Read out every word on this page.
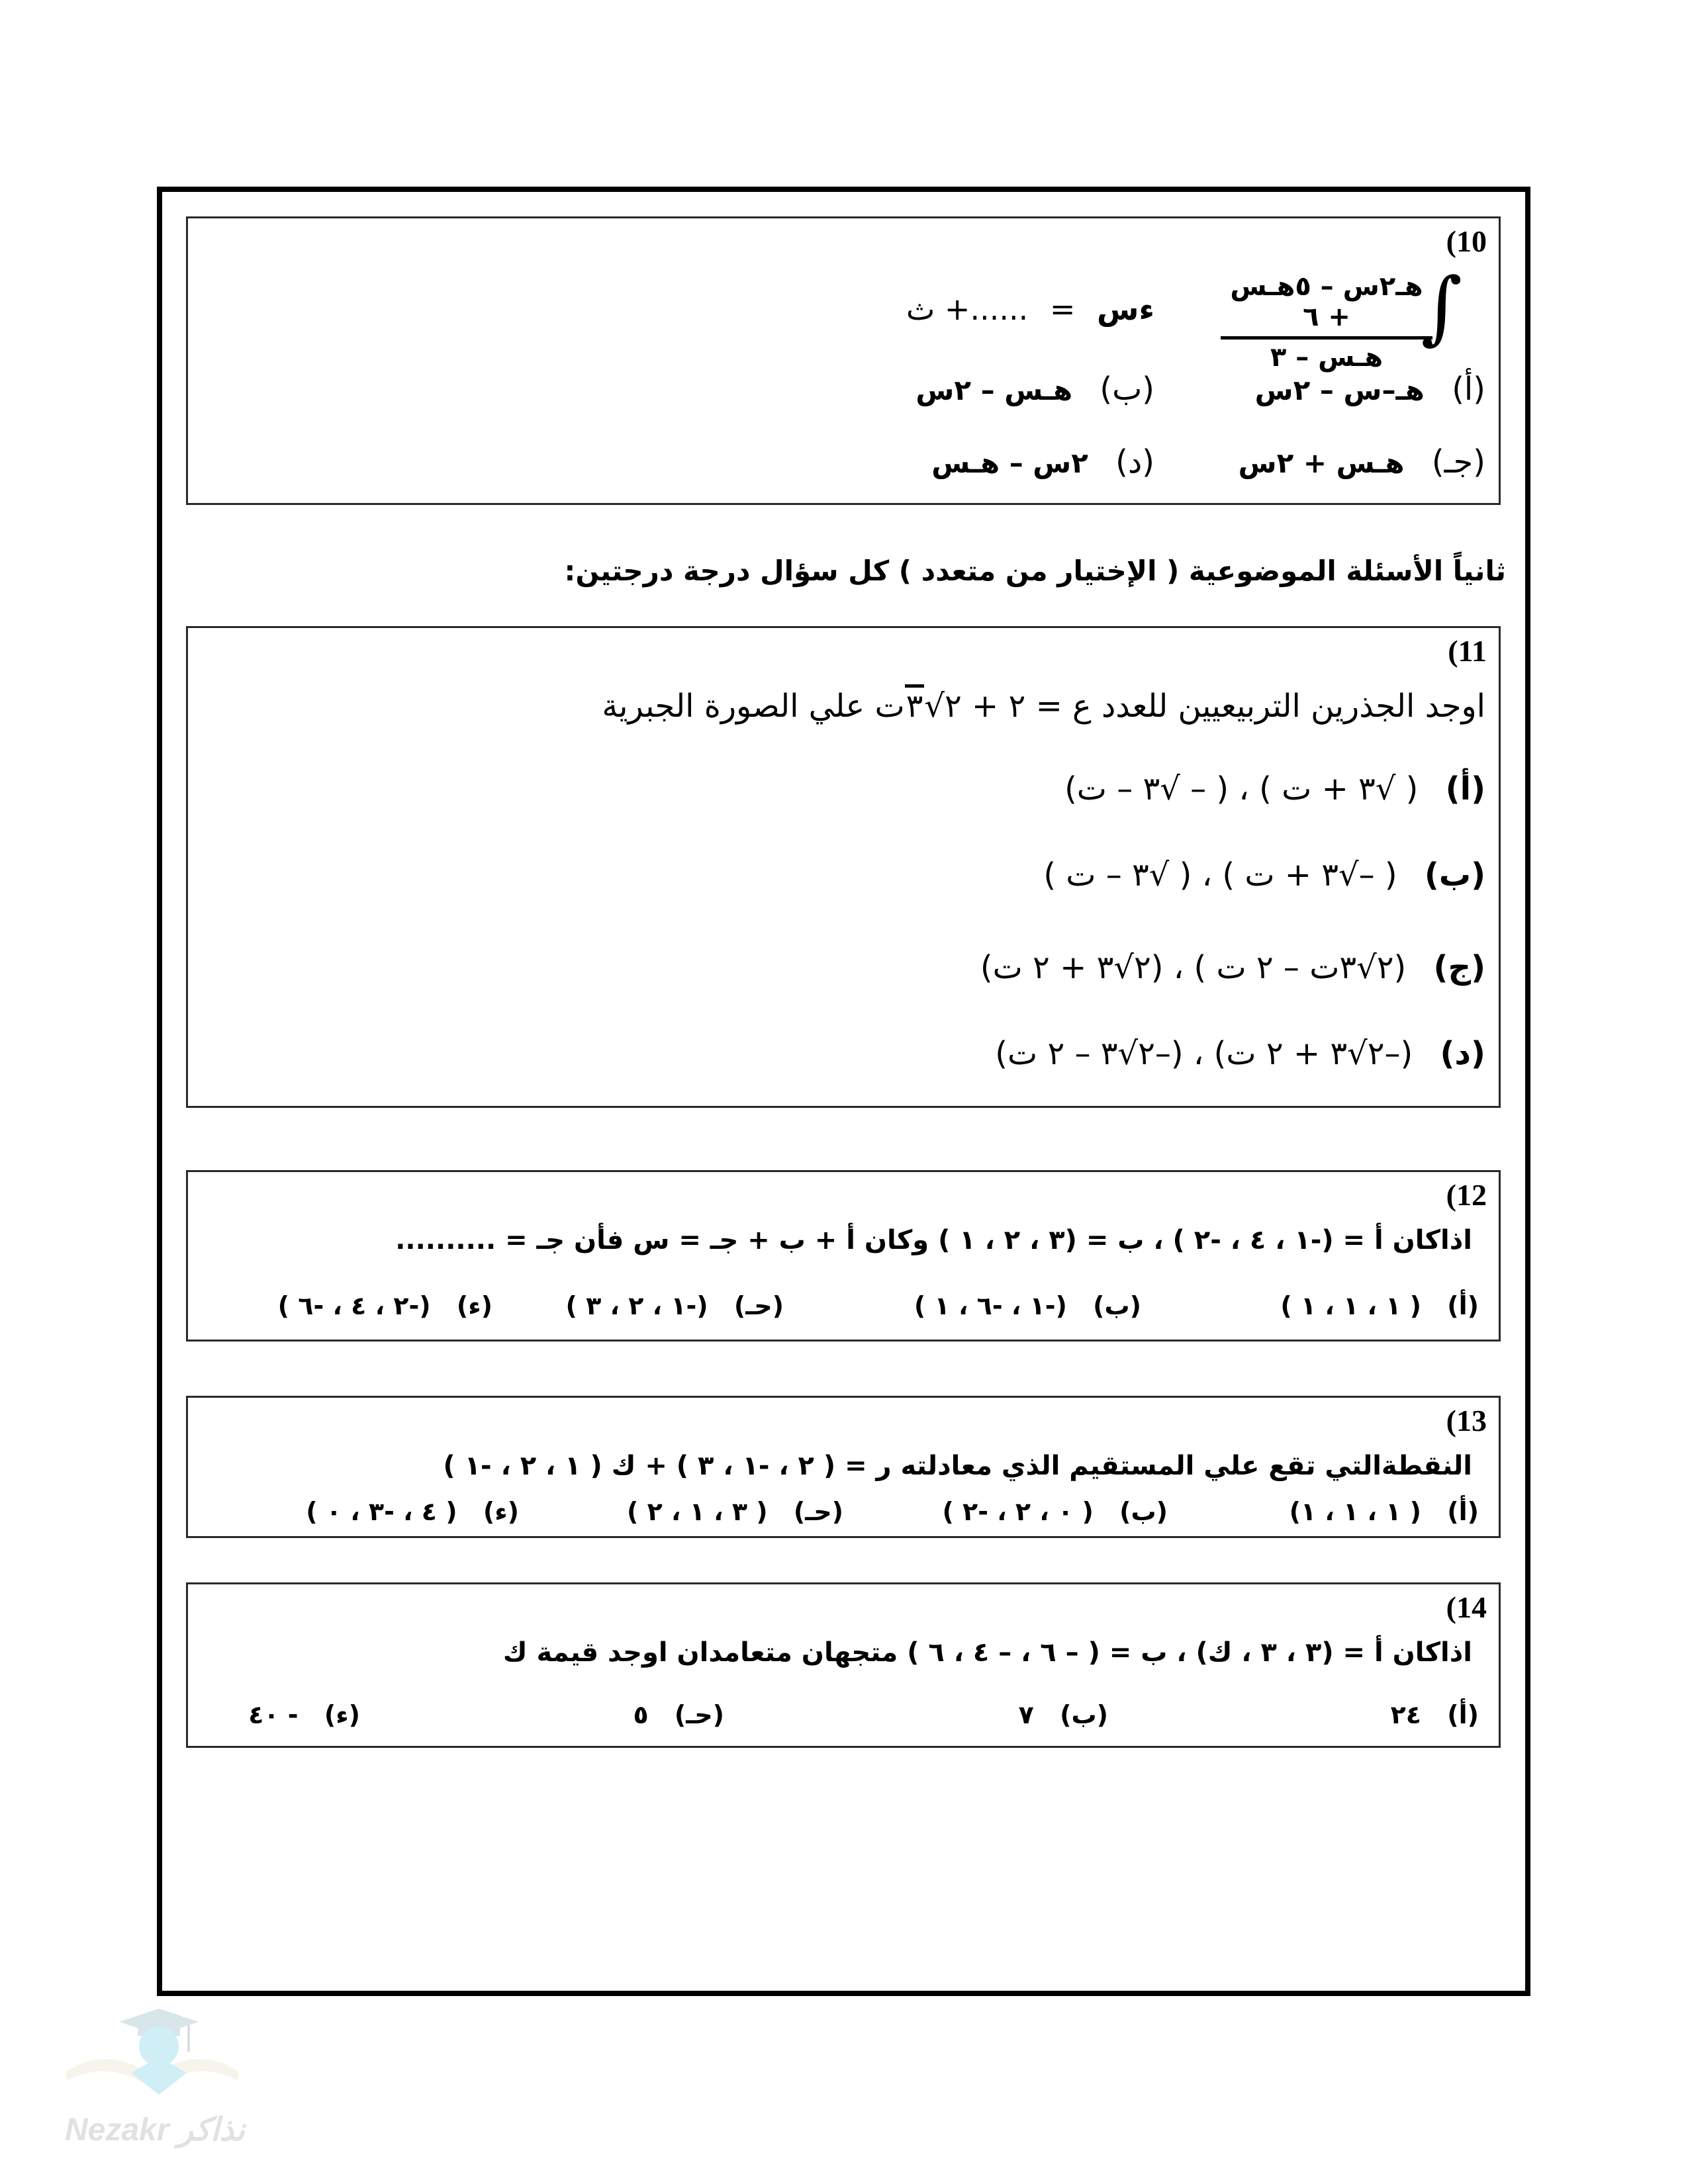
(10
∫
هـ٢س – ٥هـس + ٦
هـس – ٣
ءس = ......+ ث
(أ) هـ–س – ٢س
(ب) هـس – ٢س
(جـ) هـس + ٢س
(د) ٢س – هـس
ثانياً الأسئلة الموضوعية ( الإختيار من متعدد ) كل سؤال درجة درجتين:
(11
اوجد الجذرين التربيعيين للعدد ع = ٢ + ٢√٣ت علي الصورة الجبرية
(أ) ( √٣ + ت ) ، ( – √٣ – ت)
(ب) ( –√٣ + ت ) ، ( √٣ – ت )
(ج) (٢√٣ت – ٢ ت ) ، (٢√٣ + ٢ ت)
(د) (–٢√٣ + ٢ ت) ، (–٢√٣ – ٢ ت)
(12
اذاكان أ = (-١ ، ٤ ، -٢ ) ، ب = (٣ ، ٢ ، ١ ) وكان أ + ب + جـ = س فأن جـ = ..........
(أ) ( ١ ، ١ ، ١ )
(ب) (-١ ، -٦ ، ١ )
(حـ) (-١ ، ٢ ، ٣ )
(ء) (-٢ ، ٤ ، -٦ )
(13
النقطةالتي تقع علي المستقيم الذي معادلته ر = ( ٢ ، -١ ، ٣ ) + ك ( ١ ، ٢ ، -١ )
(أ) ( ١ ، ١ ، ١)
(ب) ( ٠ ، ٢ ، -٢ )
(حـ) ( ٣ ، ١ ، ٢ )
(ء) ( ٤ ، -٣ ، ٠ )
(14
اذاكان أ = (٣ ، ٣ ، ك) ، ب = ( – ٦ ، – ٤ ، ٦ ) متجهان متعامدان اوجد قيمة ك
(أ) ٢٤
(ب) ٧
(حـ) ٥
(ء) - ٤٠
Nezakr نذاكر
